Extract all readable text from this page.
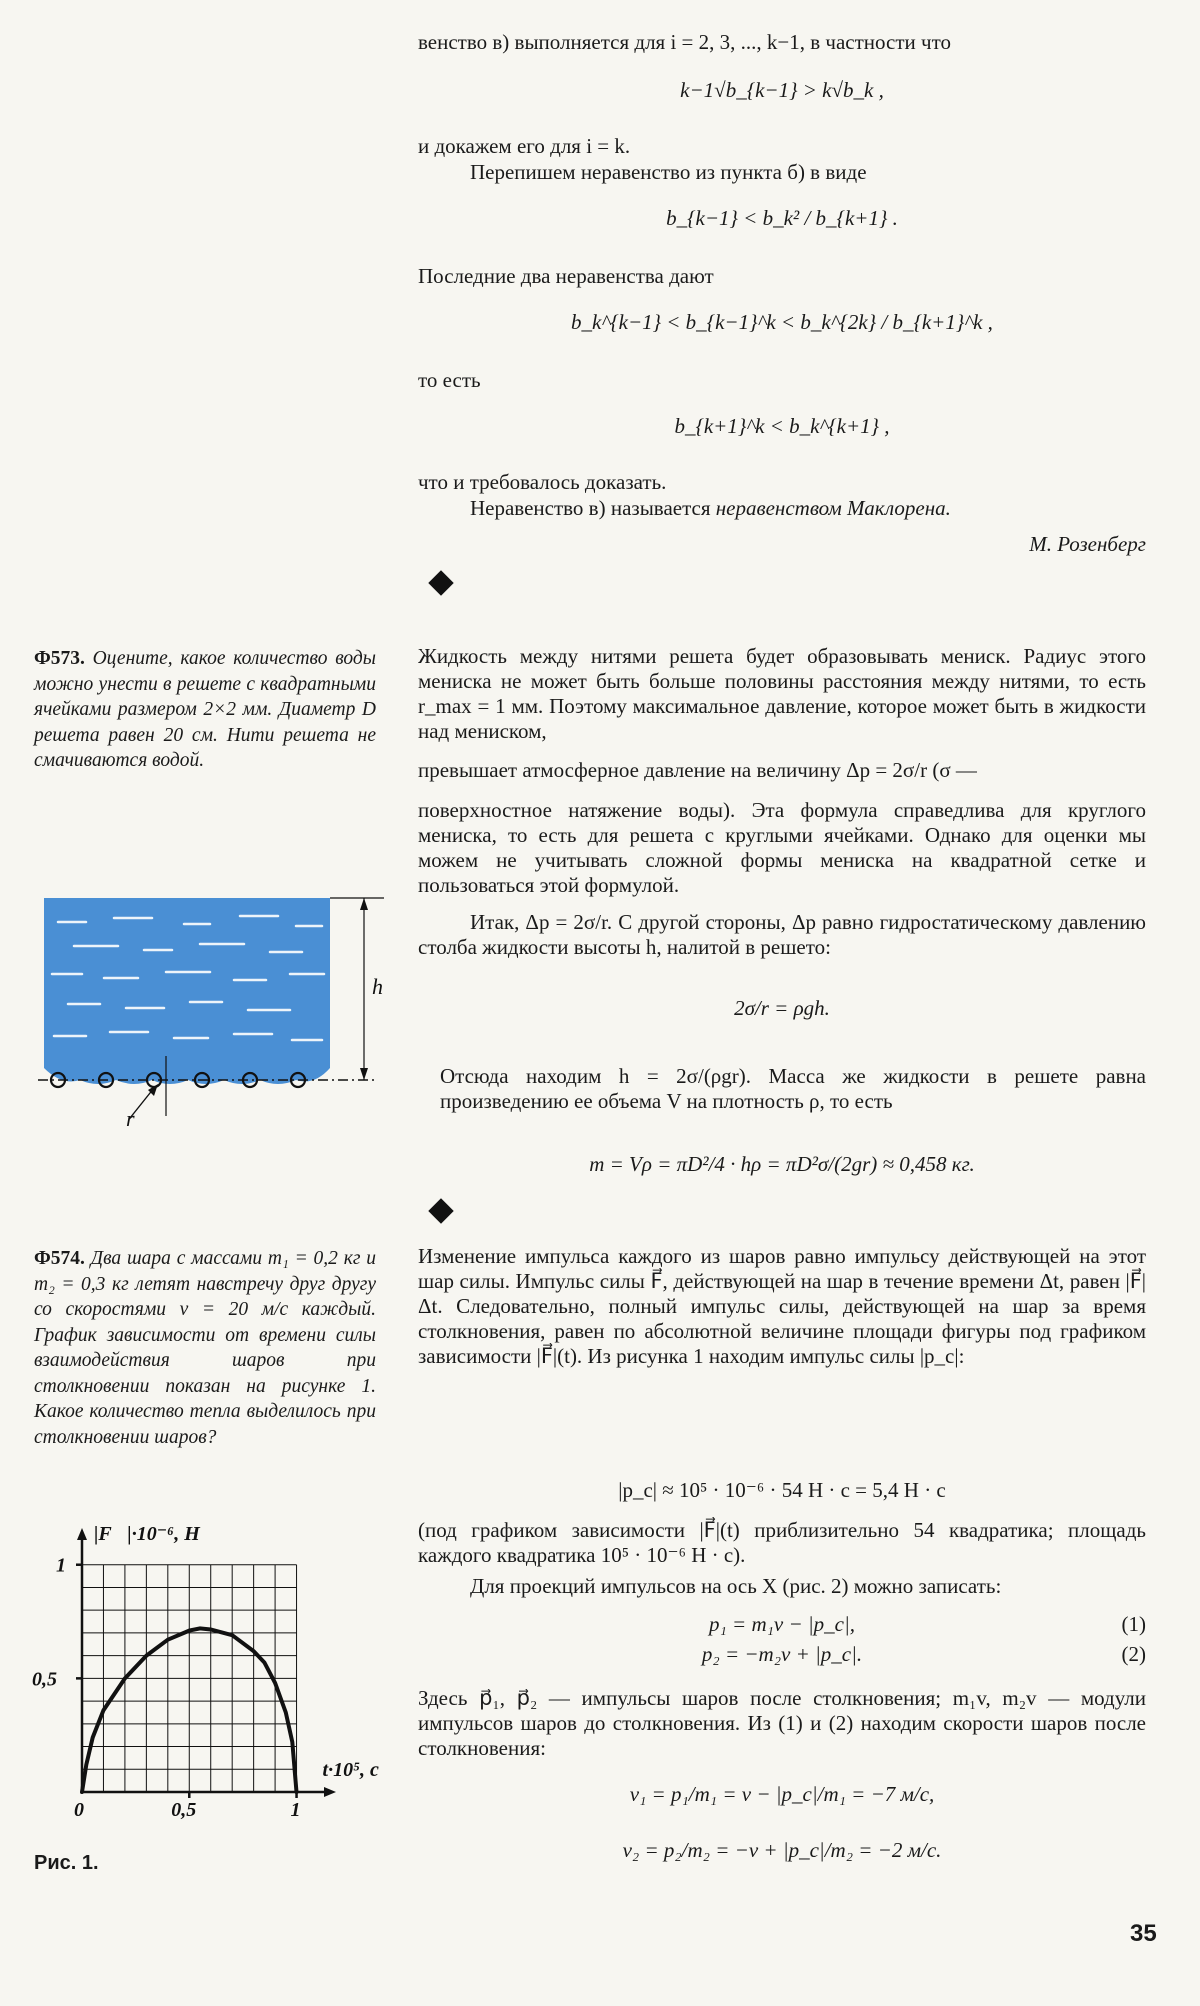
венство в) выполняется для i = 2, 3, ..., k−1, в частности что
k−1√b_{k−1} > k√b_k ,
и докажем его для i = k.
Перепишем неравенство из пункта б) в виде
b_{k−1} < b_k² / b_{k+1} .
Последние два неравенства дают
b_k^{k−1} < b_{k−1}^k < b_k^{2k} / b_{k+1}^k ,
то есть
b_{k+1}^k < b_k^{k+1} ,
что и требовалось доказать.
Неравенство в) называется неравенством Маклорена.
М. Розенберг
Ф573. Оцените, какое количество воды можно унести в решете с квадратными ячейками размером 2×2 мм. Диаметр D решета равен 20 см. Нити решета не смачиваются водой.
h
r
Жидкость между нитями решета будет образовывать мениск. Радиус этого мениска не может быть больше половины расстояния между нитями, то есть r_max = 1 мм. Поэтому максимальное давление, которое может быть в жидкости над мениском,
превышает атмосферное давление на величину Δp = 2σ/r (σ —
поверхностное натяжение воды). Эта формула справедлива для круглого мениска, то есть для решета с круглыми ячейками. Однако для оценки мы можем не учитывать сложной формы мениска на квадратной сетке и пользоваться этой формулой.
Итак, Δp = 2σ/r. С другой стороны, Δp равно гидростатическому давлению столба жидкости высоты h, налитой в решето:
2σ/r = ρgh.
Отсюда находим h = 2σ/(ρgr). Масса же жидкости в решете равна произведению ее объема V на плотность ρ, то есть
m = Vρ = πD²/4 · hρ = πD²σ/(2gr) ≈ 0,458 кг.
Ф574. Два шара с массами m₁ = 0,2 кг и m₂ = 0,3 кг летят навстречу друг другу со скоростями v = 20 м/с каждый. График зависимости от времени силы взаимодействия шаров при столкновении показан на рисунке 1. Какое количество тепла выделилось при столкновении шаров?
|F⃗|·10⁻⁶, Н
t·10⁵, с
0	0,5	1
0,5
1
Рис. 1.
Изменение импульса каждого из шаров равно импульсу действующей на этот шар силы. Импульс силы F⃗, действующей на шар в течение времени Δt, равен |F⃗|Δt. Следовательно, полный импульс силы, действующей на шар за время столкновения, равен по абсолютной величине площади фигуры под графиком зависимости |F⃗|(t). Из рисунка 1 находим импульс силы |p_c|:
|p_c| ≈ 10⁵ · 10⁻⁶ · 54 Н · с = 5,4 Н · с
(под графиком зависимости |F⃗|(t) приблизительно 54 квадратика; площадь каждого квадратика 10⁵ · 10⁻⁶ Н · с).
Для проекций импульсов на ось X (рис. 2) можно записать:
p₁ = m₁v − |p_c|,	(1)
p₂ = −m₂v + |p_c|.	(2)
Здесь p⃗₁, p⃗₂ — импульсы шаров после столкновения; m₁v, m₂v — модули импульсов шаров до столкновения. Из (1) и (2) находим скорости шаров после столкновения:
v₁ = p₁/m₁ = v − |p_c|/m₁ = −7 м/с,
v₂ = p₂/m₂ = −v + |p_c|/m₂ = −2 м/с.
35
